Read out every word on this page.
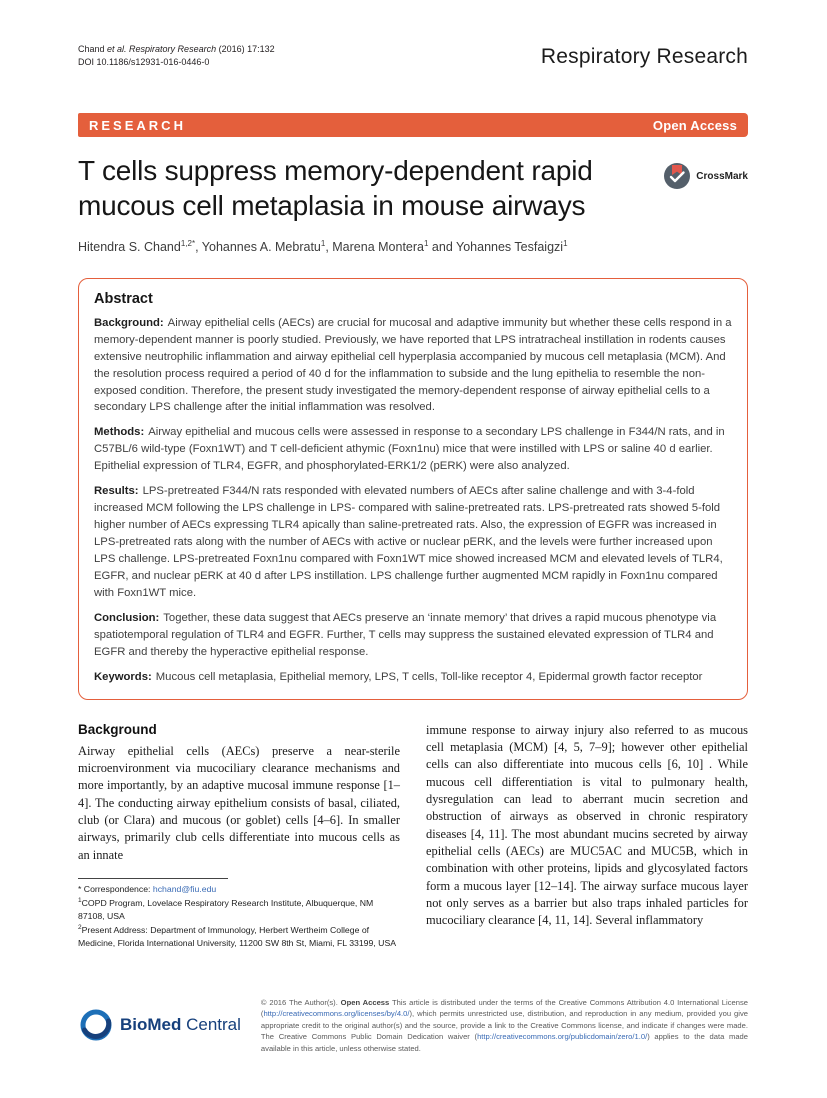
Chand et al. Respiratory Research (2016) 17:132
DOI 10.1186/s12931-016-0446-0	Respiratory Research
RESEARCH	Open Access
T cells suppress memory-dependent rapid mucous cell metaplasia in mouse airways
CrossMark
Hitendra S. Chand$^{1,2*}$, Yohannes A. Mebratu$^1$, Marena Montera$^1$ and Yohannes Tesfaigzi$^1$
Abstract

Background: Airway epithelial cells (AECs) are crucial for mucosal and adaptive immunity but whether these cells respond in a memory-dependent manner is poorly studied. Previously, we have reported that LPS intratracheal instillation in rodents causes extensive neutrophilic inflammation and airway epithelial cell hyperplasia accompanied by mucous cell metaplasia (MCM). And the resolution process required a period of 40 d for the inflammation to subside and the lung epithelia to resemble the non-exposed condition. Therefore, the present study investigated the memory-dependent response of airway epithelial cells to a secondary LPS challenge after the initial inflammation was resolved.

Methods: Airway epithelial and mucous cells were assessed in response to a secondary LPS challenge in F344/N rats, and in C57BL/6 wild-type (Foxn1WT) and T cell-deficient athymic (Foxn1nu) mice that were instilled with LPS or saline 40 d earlier. Epithelial expression of TLR4, EGFR, and phosphorylated-ERK1/2 (pERK) were also analyzed.

Results: LPS-pretreated F344/N rats responded with elevated numbers of AECs after saline challenge and with 3-4-fold increased MCM following the LPS challenge in LPS- compared with saline-pretreated rats. LPS-pretreated rats showed 5-fold higher number of AECs expressing TLR4 apically than saline-pretreated rats. Also, the expression of EGFR was increased in LPS-pretreated rats along with the number of AECs with active or nuclear pERK, and the levels were further increased upon LPS challenge. LPS-pretreated Foxn1nu compared with Foxn1WT mice showed increased MCM and elevated levels of TLR4, EGFR, and nuclear pERK at 40 d after LPS instillation. LPS challenge further augmented MCM rapidly in Foxn1nu compared with Foxn1WT mice.

Conclusion: Together, these data suggest that AECs preserve an ‘innate memory’ that drives a rapid mucous phenotype via spatiotemporal regulation of TLR4 and EGFR. Further, T cells may suppress the sustained elevated expression of TLR4 and EGFR and thereby the hyperactive epithelial response.

Keywords: Mucous cell metaplasia, Epithelial memory, LPS, T cells, Toll-like receptor 4, Epidermal growth factor receptor

Background

Airway epithelial cells (AECs) preserve a near-sterile microenvironment via mucociliary clearance mechanisms and more importantly, by an adaptive mucosal immune response [1–4]. The conducting airway epithelium consists of basal, ciliated, club (or Clara) and mucous (or goblet) cells [4–6]. In smaller airways, primarily club cells differentiate into mucous cells as an innate

* Correspondence: hchand@fiu.edu
$^1$COPD Program, Lovelace Respiratory Research Institute, Albuquerque, NM 87108, USA
$^2$Present Address: Department of Immunology, Herbert Wertheim College of Medicine, Florida International University, 11200 SW 8th St, Miami, FL 33199, USA

immune response to airway injury also referred to as mucous cell metaplasia (MCM) [4, 5, 7–9]; however other epithelial cells can also differentiate into mucous cells [6, 10] . While mucous cell differentiation is vital to pulmonary health, dysregulation can lead to aberrant mucin secretion and obstruction of airways as observed in chronic respiratory diseases [4, 11]. The most abundant mucins secreted by airway epithelial cells (AECs) are MUC5AC and MUC5B, which in combination with other proteins, lipids and glycosylated factors form a mucous layer [12–14]. The airway surface mucous layer not only serves as a barrier but also traps inhaled particles for mucociliary clearance [4, 11, 14]. Several inflammatory

BioMed Central

© 2016 The Author(s). Open Access This article is distributed under the terms of the Creative Commons Attribution 4.0 International License (http://creativecommons.org/licenses/by/4.0/), which permits unrestricted use, distribution, and reproduction in any medium, provided you give appropriate credit to the original author(s) and the source, provide a link to the Creative Commons license, and indicate if changes were made. The Creative Commons Public Domain Dedication waiver (http://creativecommons.org/publicdomain/zero/1.0/) applies to the data made available in this article, unless otherwise stated.
